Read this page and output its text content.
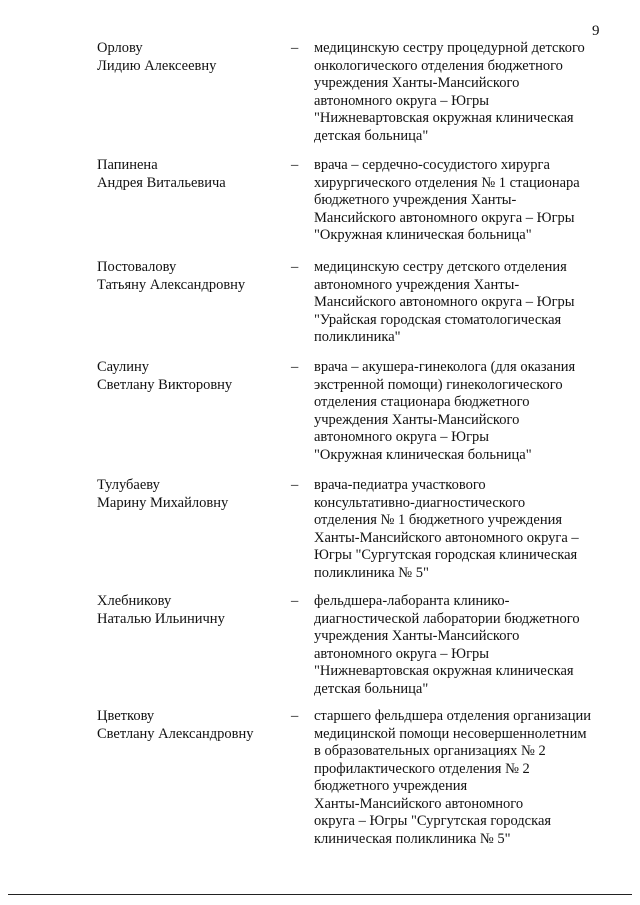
9
Орлову
Лидию Алексеевну
– медицинскую сестру процедурной детского
онкологического отделения бюджетного
учреждения Ханты-Мансийского
автономного округа – Югры
"Нижневартовская окружная клиническая
детская больница"
Папинена
Андрея Витальевича
– врача – сердечно-сосудистого хирурга
хирургического отделения № 1 стационара
бюджетного учреждения Ханты-
Мансийского автономного округа – Югры
"Окружная клиническая больница"
Постовалову
Татьяну Александровну
– медицинскую сестру детского отделения
автономного учреждения Ханты-
Мансийского автономного округа – Югры
"Урайская городская стоматологическая
поликлиника"
Саулину
Светлану Викторовну
– врача – акушера-гинеколога (для оказания
экстренной помощи) гинекологического
отделения стационара бюджетного
учреждения Ханты-Мансийского
автономного округа – Югры
"Окружная клиническая больница"
Тулубаеву
Марину Михайловну
– врача-педиатра участкового
консультативно-диагностического
отделения № 1 бюджетного учреждения
Ханты-Мансийского автономного округа –
Югры "Сургутская городская клиническая
поликлиника № 5"
Хлебникову
Наталью Ильиничну
– фельдшера-лаборанта клинико-
диагностической лаборатории бюджетного
учреждения Ханты-Мансийского
автономного округа – Югры
"Нижневартовская окружная клиническая
детская больница"
Цветкову
Светлану Александровну
– старшего фельдшера отделения организации
медицинской помощи несовершеннолетним
в образовательных организациях № 2
профилактического отделения № 2
бюджетного учреждения
Ханты-Мансийского автономного
округа – Югры "Сургутская городская
клиническая поликлиника № 5"
